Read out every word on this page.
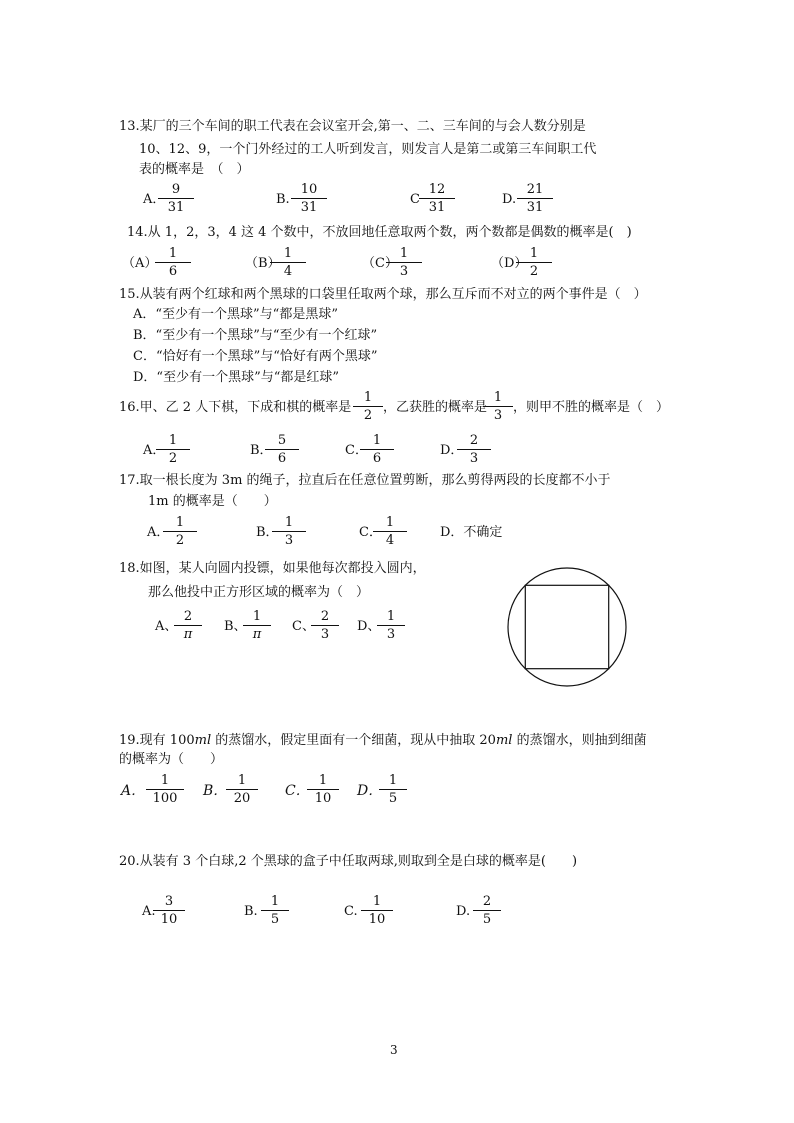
13.某厂的三个车间的职工代表在会议室开会,第一、二、三车间的与会人数分别是
10、12、9，一个门外经过的工人听到发言，则发言人是第二或第三车间职工代
表的概率是　（　）
A．
$\frac{9}{31}$	B. $\frac{10}{31}$	C $\frac{12}{31}$	D. $\frac{21}{31}$
14.从 1，2，3，4 这 4 个数中，不放回地任意取两个数，两个数都是偶数的概率是(　)
（A）
$\frac{1}{6}$	（B）
$\frac{1}{4}$	（C）
$\frac{1}{3}$	（D）
$\frac{1}{2}$
15.从装有两个红球和两个黑球的口袋里任取两个球，那么互斥而不对立的两个事件是（　）
A．“至少有一个黑球”与“都是黑球”
B．“至少有一个黑球”与“至少有一个红球”
C．“恰好有一个黑球”与“恰好有两个黑球”
D．“至少有一个黑球”与“都是红球”
16.甲、乙 2 人下棋，下成和棋的概率是 $\frac{1}{2}$ ，乙获胜的概率是
$\frac{1}{3}$ ，则甲不胜的概率是（　）
A．
$\frac{1}{2}$	B．
$\frac{5}{6}$	C．
$\frac{1}{6}$	D．
$\frac{2}{3}$
17.取一根长度为 3m 的绳子，拉直后在任意位置剪断，那么剪得两段的长度都不小于
1m 的概率是（　　）
A．
$\frac{1}{2}$	B．
$\frac{1}{3}$	C．
$\frac{1}{4}$	D．不确定
18.如图，某人向圆内投镖，如果他每次都投入圆内，
那么他投中正方形区域的概率为（　）
A、
$\frac{2}{\pi}$ B、
$\frac{1}{\pi}$ C、
$\frac{2}{3}$ D、
$\frac{1}{3}$
19.现有 100ml 的蒸馏水，假定里面有一个细菌，现从中抽取 20ml 的蒸馏水，则抽到细菌
的概率为（　　）
A． $\frac{1}{100}$ B．
$\frac{1}{20}$ C．
$\frac{1}{10}$ D．
$\frac{1}{5}$
20.从装有 3 个白球,2 个黑球的盒子中任取两球,则取到全是白球的概率是(　　)
A.
$\frac{3}{10}$	B. $\frac{1}{5}$	C. $\frac{1}{10}$	D. $\frac{2}{5}$
3
